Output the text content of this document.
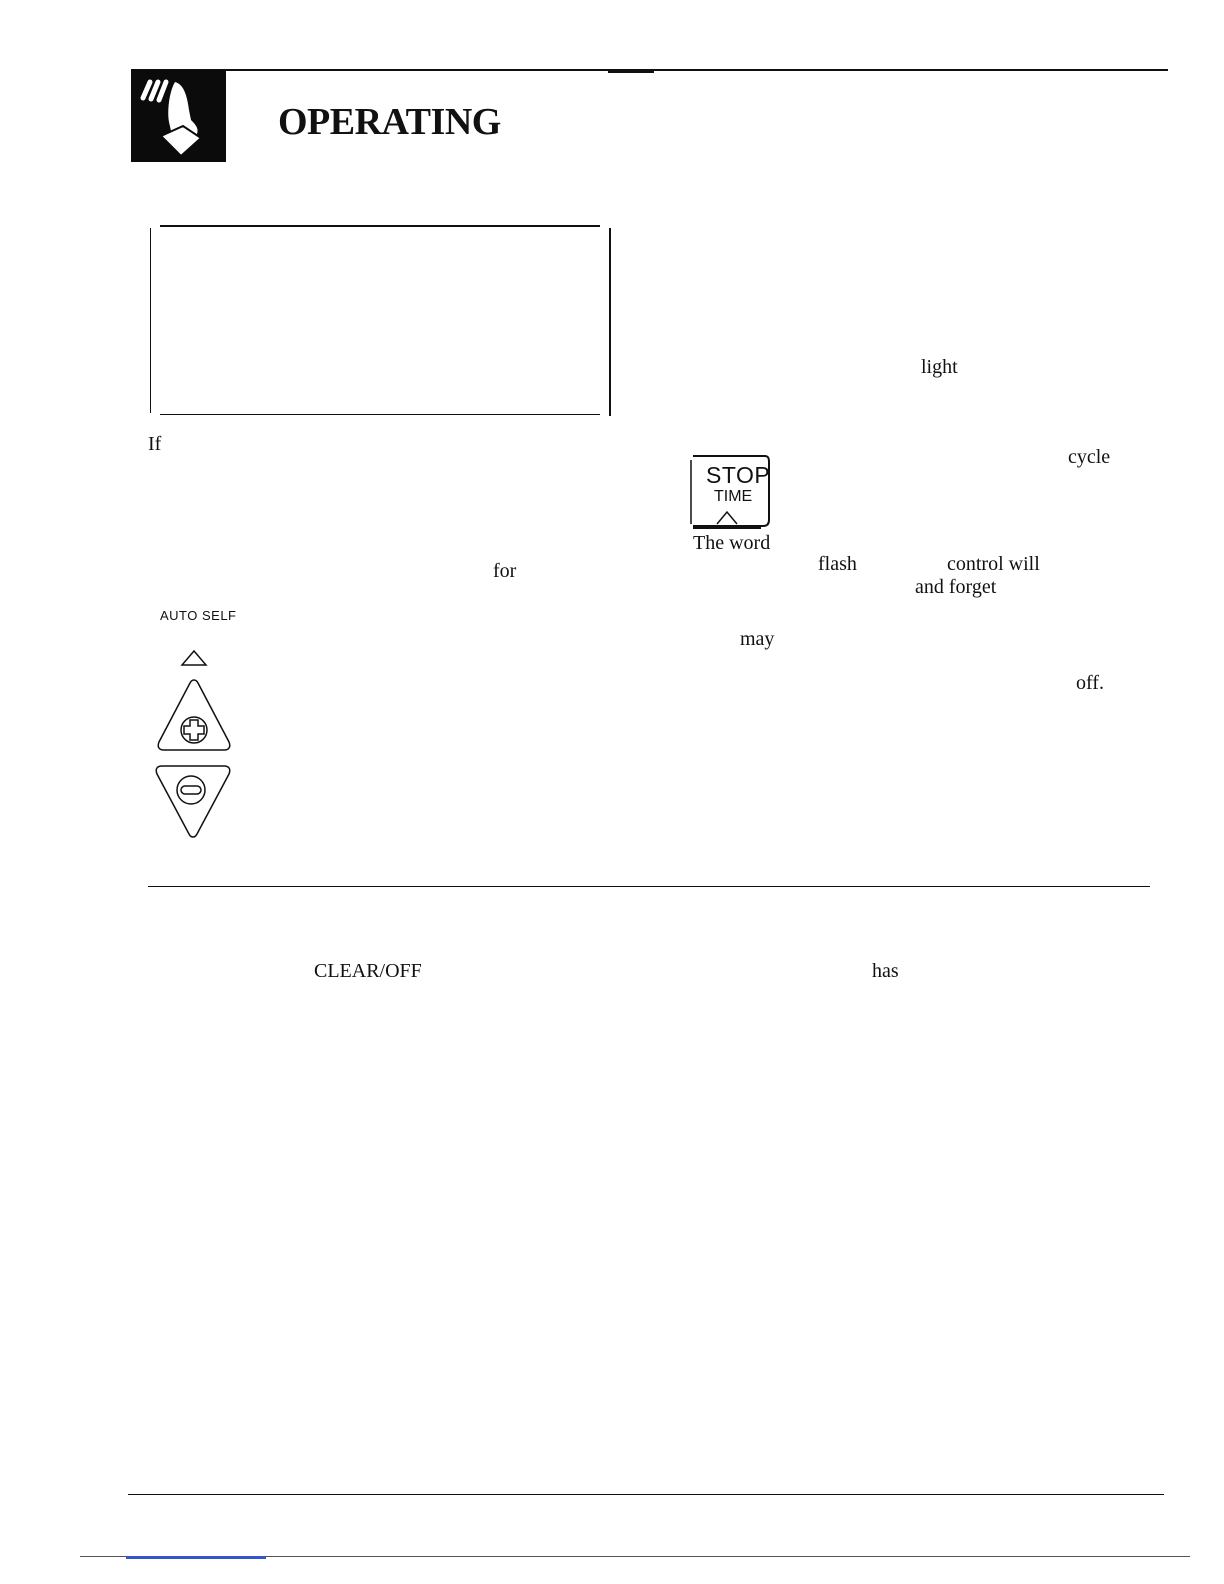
OPERATING
If
for
AUTO SELF
light
cycle
STOP
TIME
The word
flash	control will
and forget
may
off.
CLEAR/OFF	has
